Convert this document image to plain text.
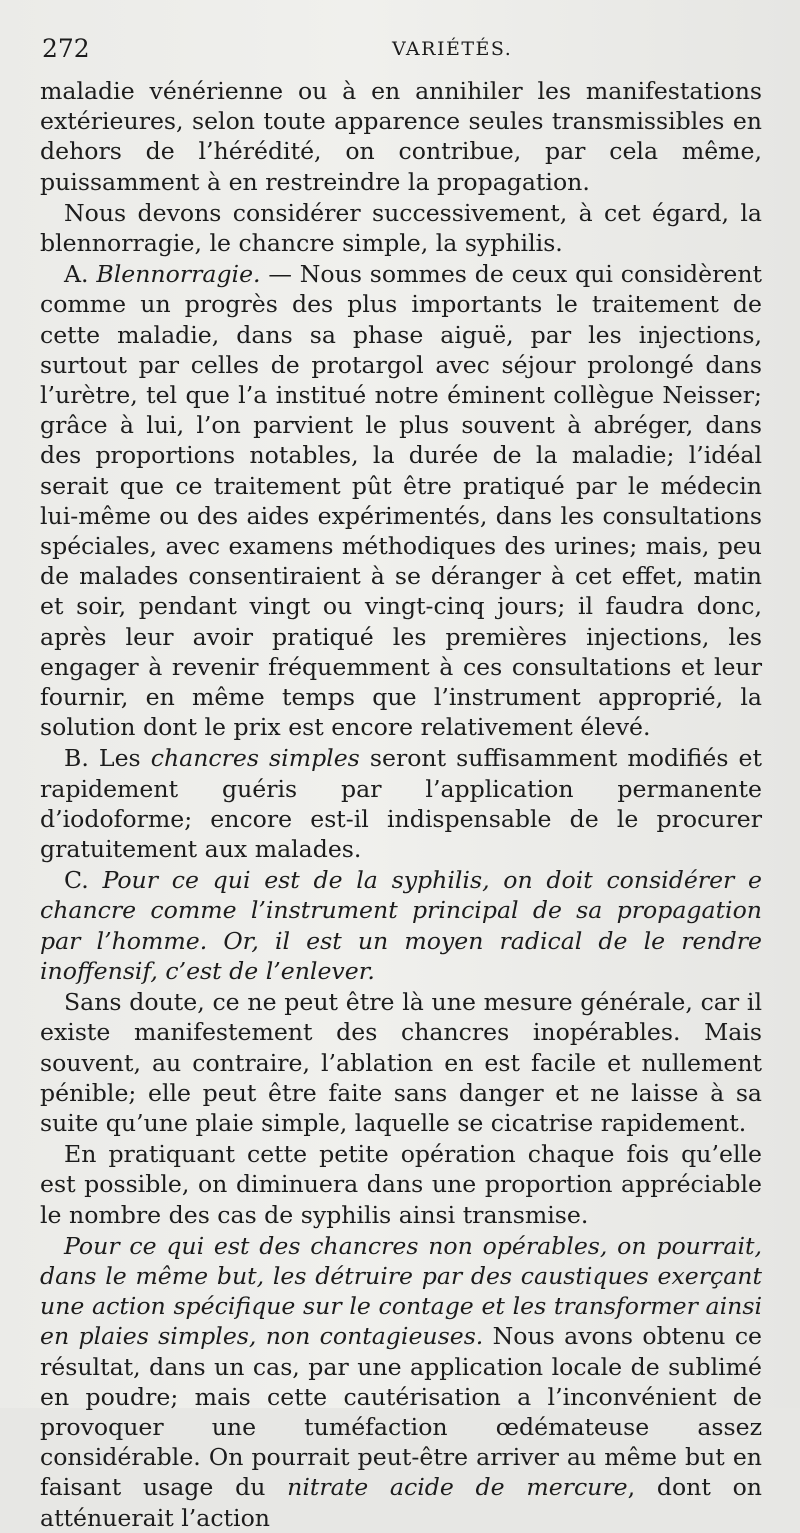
272	VARIÉTÉS.

maladie vénérienne ou à en annihiler les manifestations extérieures, selon toute apparence seules transmissibles en dehors de l’hérédité, on contribue, par cela même, puissamment à en restreindre la propagation.

Nous devons considérer successivement, à cet égard, la blennorragie, le chancre simple, la syphilis.

A. Blennorragie. — Nous sommes de ceux qui considèrent comme un progrès des plus importants le traitement de cette maladie, dans sa phase aiguë, par les injections, surtout par celles de protargol avec séjour prolongé dans l’urètre, tel que l’a institué notre éminent collègue Neisser; grâce à lui, l’on parvient le plus souvent à abréger, dans des proportions notables, la durée de la maladie; l’idéal serait que ce traitement pût être pratiqué par le médecin lui-même ou des aides expérimentés, dans les consultations spéciales, avec examens méthodiques des urines; mais, peu de malades consentiraient à se déranger à cet effet, matin et soir, pendant vingt ou vingt-cinq jours; il faudra donc, après leur avoir pratiqué les premières injections, les engager à revenir fréquemment à ces consultations et leur fournir, en même temps que l’instrument approprié, la solution dont le prix est encore relativement élevé.

B. Les chancres simples seront suffisamment modifiés et rapidement guéris par l’application permanente d’iodoforme; encore est-il indispensable de le procurer gratuitement aux malades.

C. Pour ce qui est de la syphilis, on doit considérer e chancre comme l’instrument principal de sa propagation par l’homme. Or, il est un moyen radical de le rendre inoffensif, c’est de l’enlever.

Sans doute, ce ne peut être là une mesure générale, car il existe manifestement des chancres inopérables. Mais souvent, au contraire, l’ablation en est facile et nullement pénible; elle peut être faite sans danger et ne laisse à sa suite qu’une plaie simple, laquelle se cicatrise rapidement.

En pratiquant cette petite opération chaque fois qu’elle est possible, on diminuera dans une proportion appréciable le nombre des cas de syphilis ainsi transmise.

Pour ce qui est des chancres non opérables, on pourrait, dans le même but, les détruire par des caustiques exerçant une action spécifique sur le contage et les transformer ainsi en plaies simples, non contagieuses. Nous avons obtenu ce résultat, dans un cas, par une application locale de sublimé en poudre; mais cette cautérisation a l’inconvénient de provoquer une tuméfaction œdémateuse assez considérable. On pourrait peut-être arriver au même but en faisant usage du nitrate acide de mercure, dont on atténuerait l’action
